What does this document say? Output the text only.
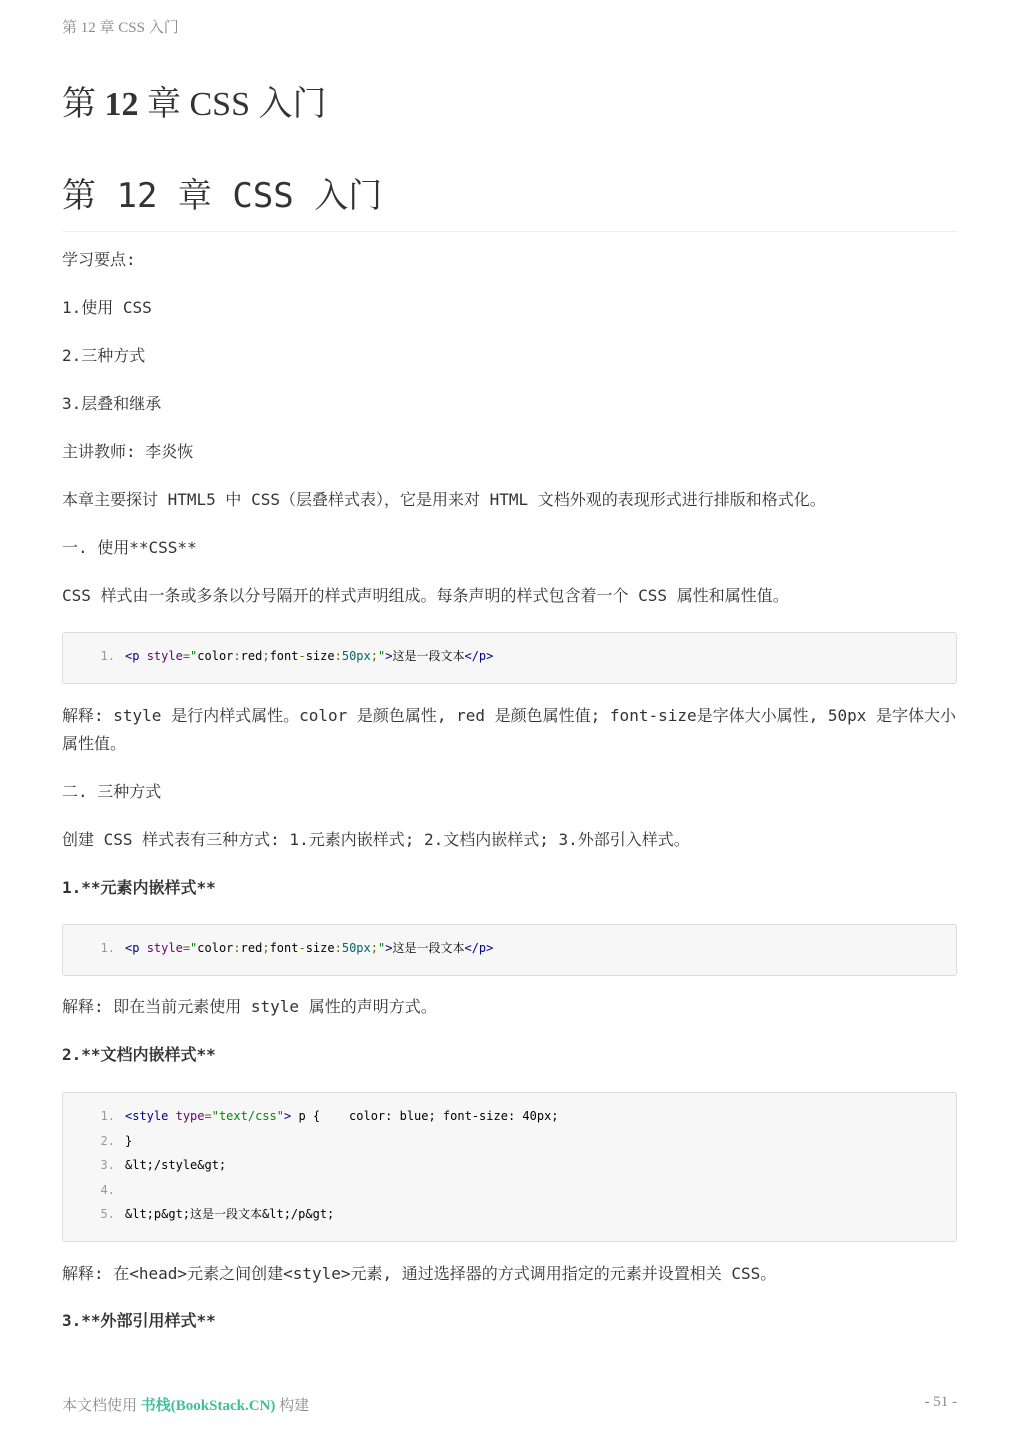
第 12 章 CSS 入门
第 12 章 CSS 入门
第 12 章 CSS 入门

学习要点:

1.使用 CSS

2.三种方式

3.层叠和继承

主讲教师: 李炎恢

本章主要探讨 HTML5 中 CSS（层叠样式表），它是用来对 HTML 文档外观的表现形式进行排版和格式化。

一. 使用**CSS**

CSS 样式由一条或多条以分号隔开的样式声明组成。每条声明的样式包含着一个 CSS 属性和属性值。

1. <p style="color:red;font-size:50px;">这是一段文本</p>

解释: style 是行内样式属性。color 是颜色属性, red 是颜色属性值; font-size是字体大小属性, 50px 是字体大小属性值。

二. 三种方式

创建 CSS 样式表有三种方式: 1.元素内嵌样式; 2.文档内嵌样式; 3.外部引入样式。

1.**元素内嵌样式**

1. <p style="color:red;font-size:50px;">这是一段文本</p>

解释: 即在当前元素使用 style 属性的声明方式。

2.**文档内嵌样式**

1. <style type="text/css"> p {    color: blue; font-size: 40px;
2. }
3. &lt;/style&gt;
4.
5. &lt;p&gt;这是一段文本&lt;/p&gt;

解释: 在<head>元素之间创建<style>元素, 通过选择器的方式调用指定的元素并设置相关 CSS。

3.**外部引用样式**

本文档使用 书栈(BookStack.CN) 构建	- 51 -
